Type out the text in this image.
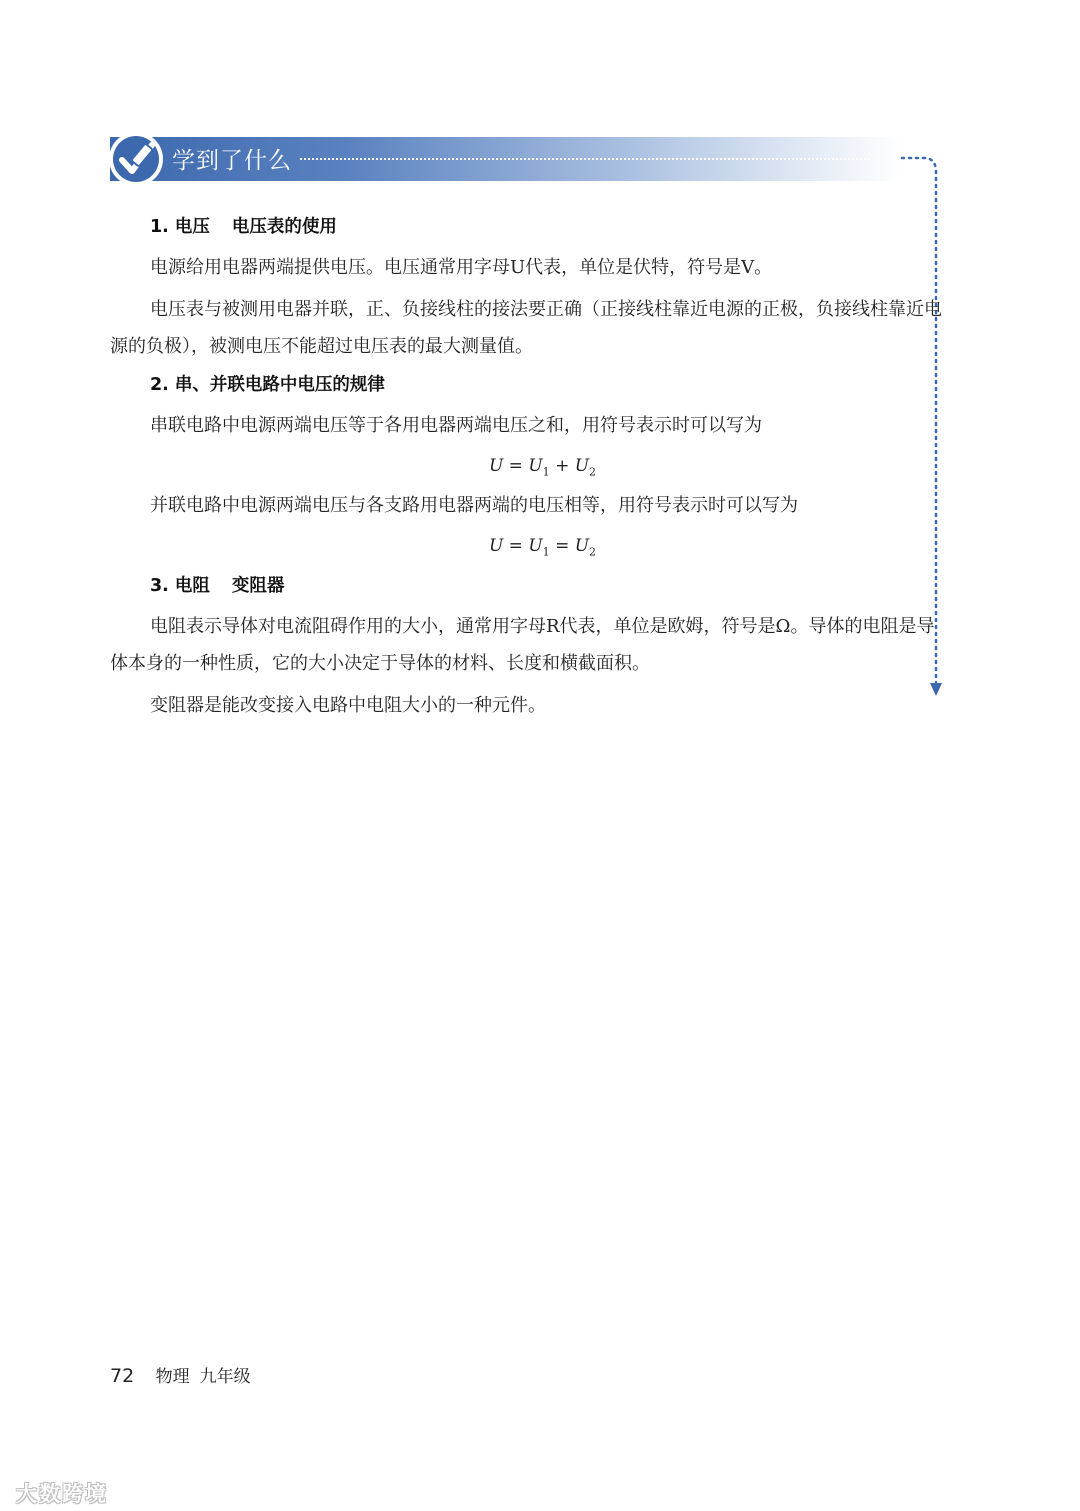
学到了什么
1. 电压 电压表的使用

电源给用电器两端提供电压。电压通常用字母U代表，单位是伏特，符号是V。

电压表与被测用电器并联，正、负接线柱的接法要正确（正接线柱靠近电源的正极，负接线柱靠近电源的负极），被测电压不能超过电压表的最大测量值。

2. 串、并联电路中电压的规律

串联电路中电源两端电压等于各用电器两端电压之和，用符号表示时可以写为

$U = U_1 + U_2$

并联电路中电源两端电压与各支路用电器两端的电压相等，用符号表示时可以写为

$U = U_1 = U_2$
3. 电阻 变阻器

电阻表示导体对电流阻碍作用的大小，通常用字母R代表，单位是欧姆，符号是Ω。导体的电阻是导体本身的一种性质，它的大小决定于导体的材料、长度和横截面积。

变阻器是能改变接入电路中电阻大小的一种元件。

72 物理 九年级
大数跨境
